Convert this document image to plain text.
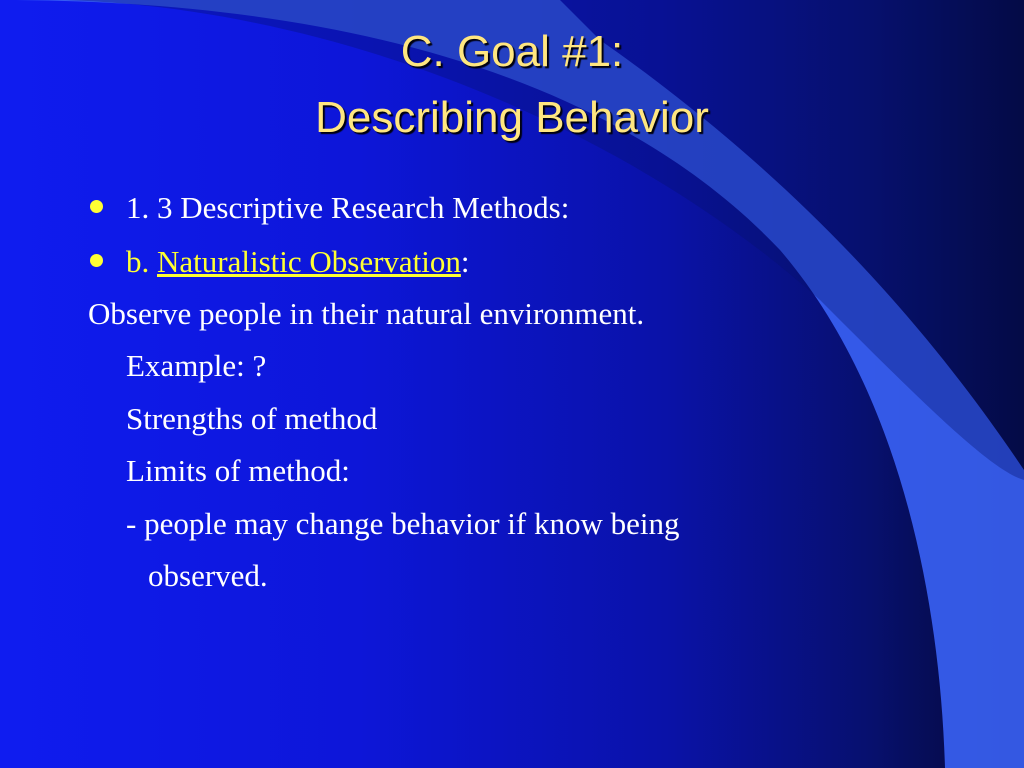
C. Goal #1:
Describing Behavior
1. 3 Descriptive Research Methods:
b. Naturalistic Observation:
Observe people in their natural environment.
Example: ?
Strengths of method
Limits of method:
- people may change behavior if know being
observed.
